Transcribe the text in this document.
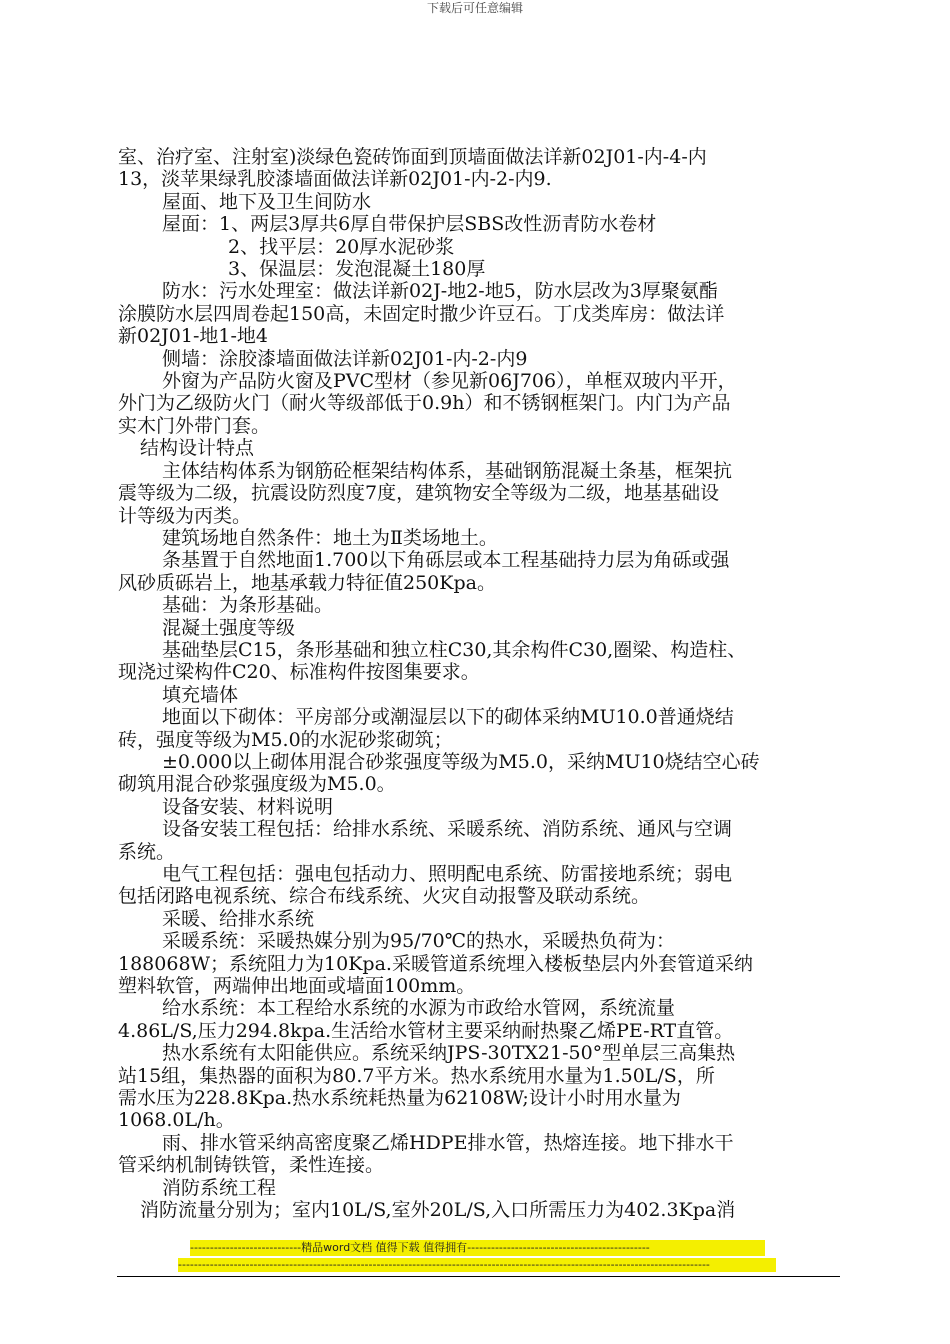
下载后可任意编辑

室、治疗室、注射室)淡绿色瓷砖饰面到顶墙面做法详新02J01-内-4-内

13，淡苹果绿乳胶漆墙面做法详新02J01-内-2-内9.

屋面、地下及卫生间防水

屋面：1、两层3厚共6厚自带保护层SBS改性沥青防水卷材

2、找平层：20厚水泥砂浆

3、保温层：发泡混凝土180厚

防水：污水处理室：做法详新02J-地2-地5，防水层改为3厚聚氨酯

涂膜防水层四周卷起150高，未固定时撒少许豆石。丁戊类库房：做法详

新02J01-地1-地4

侧墙：涂胶漆墙面做法详新02J01-内-2-内9

外窗为产品防火窗及PVC型材（参见新06J706），单框双玻内平开，

外门为乙级防火门（耐火等级部低于0.9h）和不锈钢框架门。内门为产品

实木门外带门套。

结构设计特点

主体结构体系为钢筋砼框架结构体系，基础钢筋混凝土条基，框架抗

震等级为二级，抗震设防烈度7度，建筑物安全等级为二级，地基基础设

计等级为丙类。

建筑场地自然条件：地土为Ⅱ类场地土。

条基置于自然地面1.700以下角砾层或本工程基础持力层为角砾或强

风砂质砾岩上，地基承载力特征值250Kpa。

基础：为条形基础。

混凝土强度等级

基础垫层C15，条形基础和独立柱C30,其余构件C30,圈梁、构造柱、

现浇过梁构件C20、标准构件按图集要求。

填充墙体

地面以下砌体：平房部分或潮湿层以下的砌体采纳MU10.0普通烧结

砖，强度等级为M5.0的水泥砂浆砌筑；

±0.000以上砌体用混合砂浆强度等级为M5.0，采纳MU10烧结空心砖

砌筑用混合砂浆强度级为M5.0。

设备安装、材料说明

设备安装工程包括：给排水系统、采暖系统、消防系统、通风与空调

系统。

电气工程包括：强电包括动力、照明配电系统、防雷接地系统；弱电

包括闭路电视系统、综合布线系统、火灾自动报警及联动系统。

采暖、给排水系统

采暖系统：采暖热媒分别为95/70℃的热水，采暖热负荷为：

188068W；系统阻力为10Kpa.采暖管道系统埋入楼板垫层内外套管道采纳

塑料软管，两端伸出地面或墙面100mm。

给水系统：本工程给水系统的水源为市政给水管网，系统流量

4.86L/S,压力294.8kpa.生活给水管材主要采纳耐热聚乙烯PE-RT直管。

热水系统有太阳能供应。系统采纳JPS-30TX21-50°型单层三高集热

站15组，集热器的面积为80.7平方米。热水系统用水量为1.50L/S，所

需水压为228.8Kpa.热水系统耗热量为62108W;设计小时用水量为

1068.0L/h。

雨、排水管采纳高密度聚乙烯HDPE排水管，热熔连接。地下排水干

管采纳机制铸铁管，柔性连接。

消防系统工程

消防流量分别为；室内10L/S,室外20L/S,入口所需压力为402.3Kpa消

----------------------------精品word文档 值得下载 值得拥有----------------------------------------------
--------------------------------------------------------------------------------------------------------------------------------------
